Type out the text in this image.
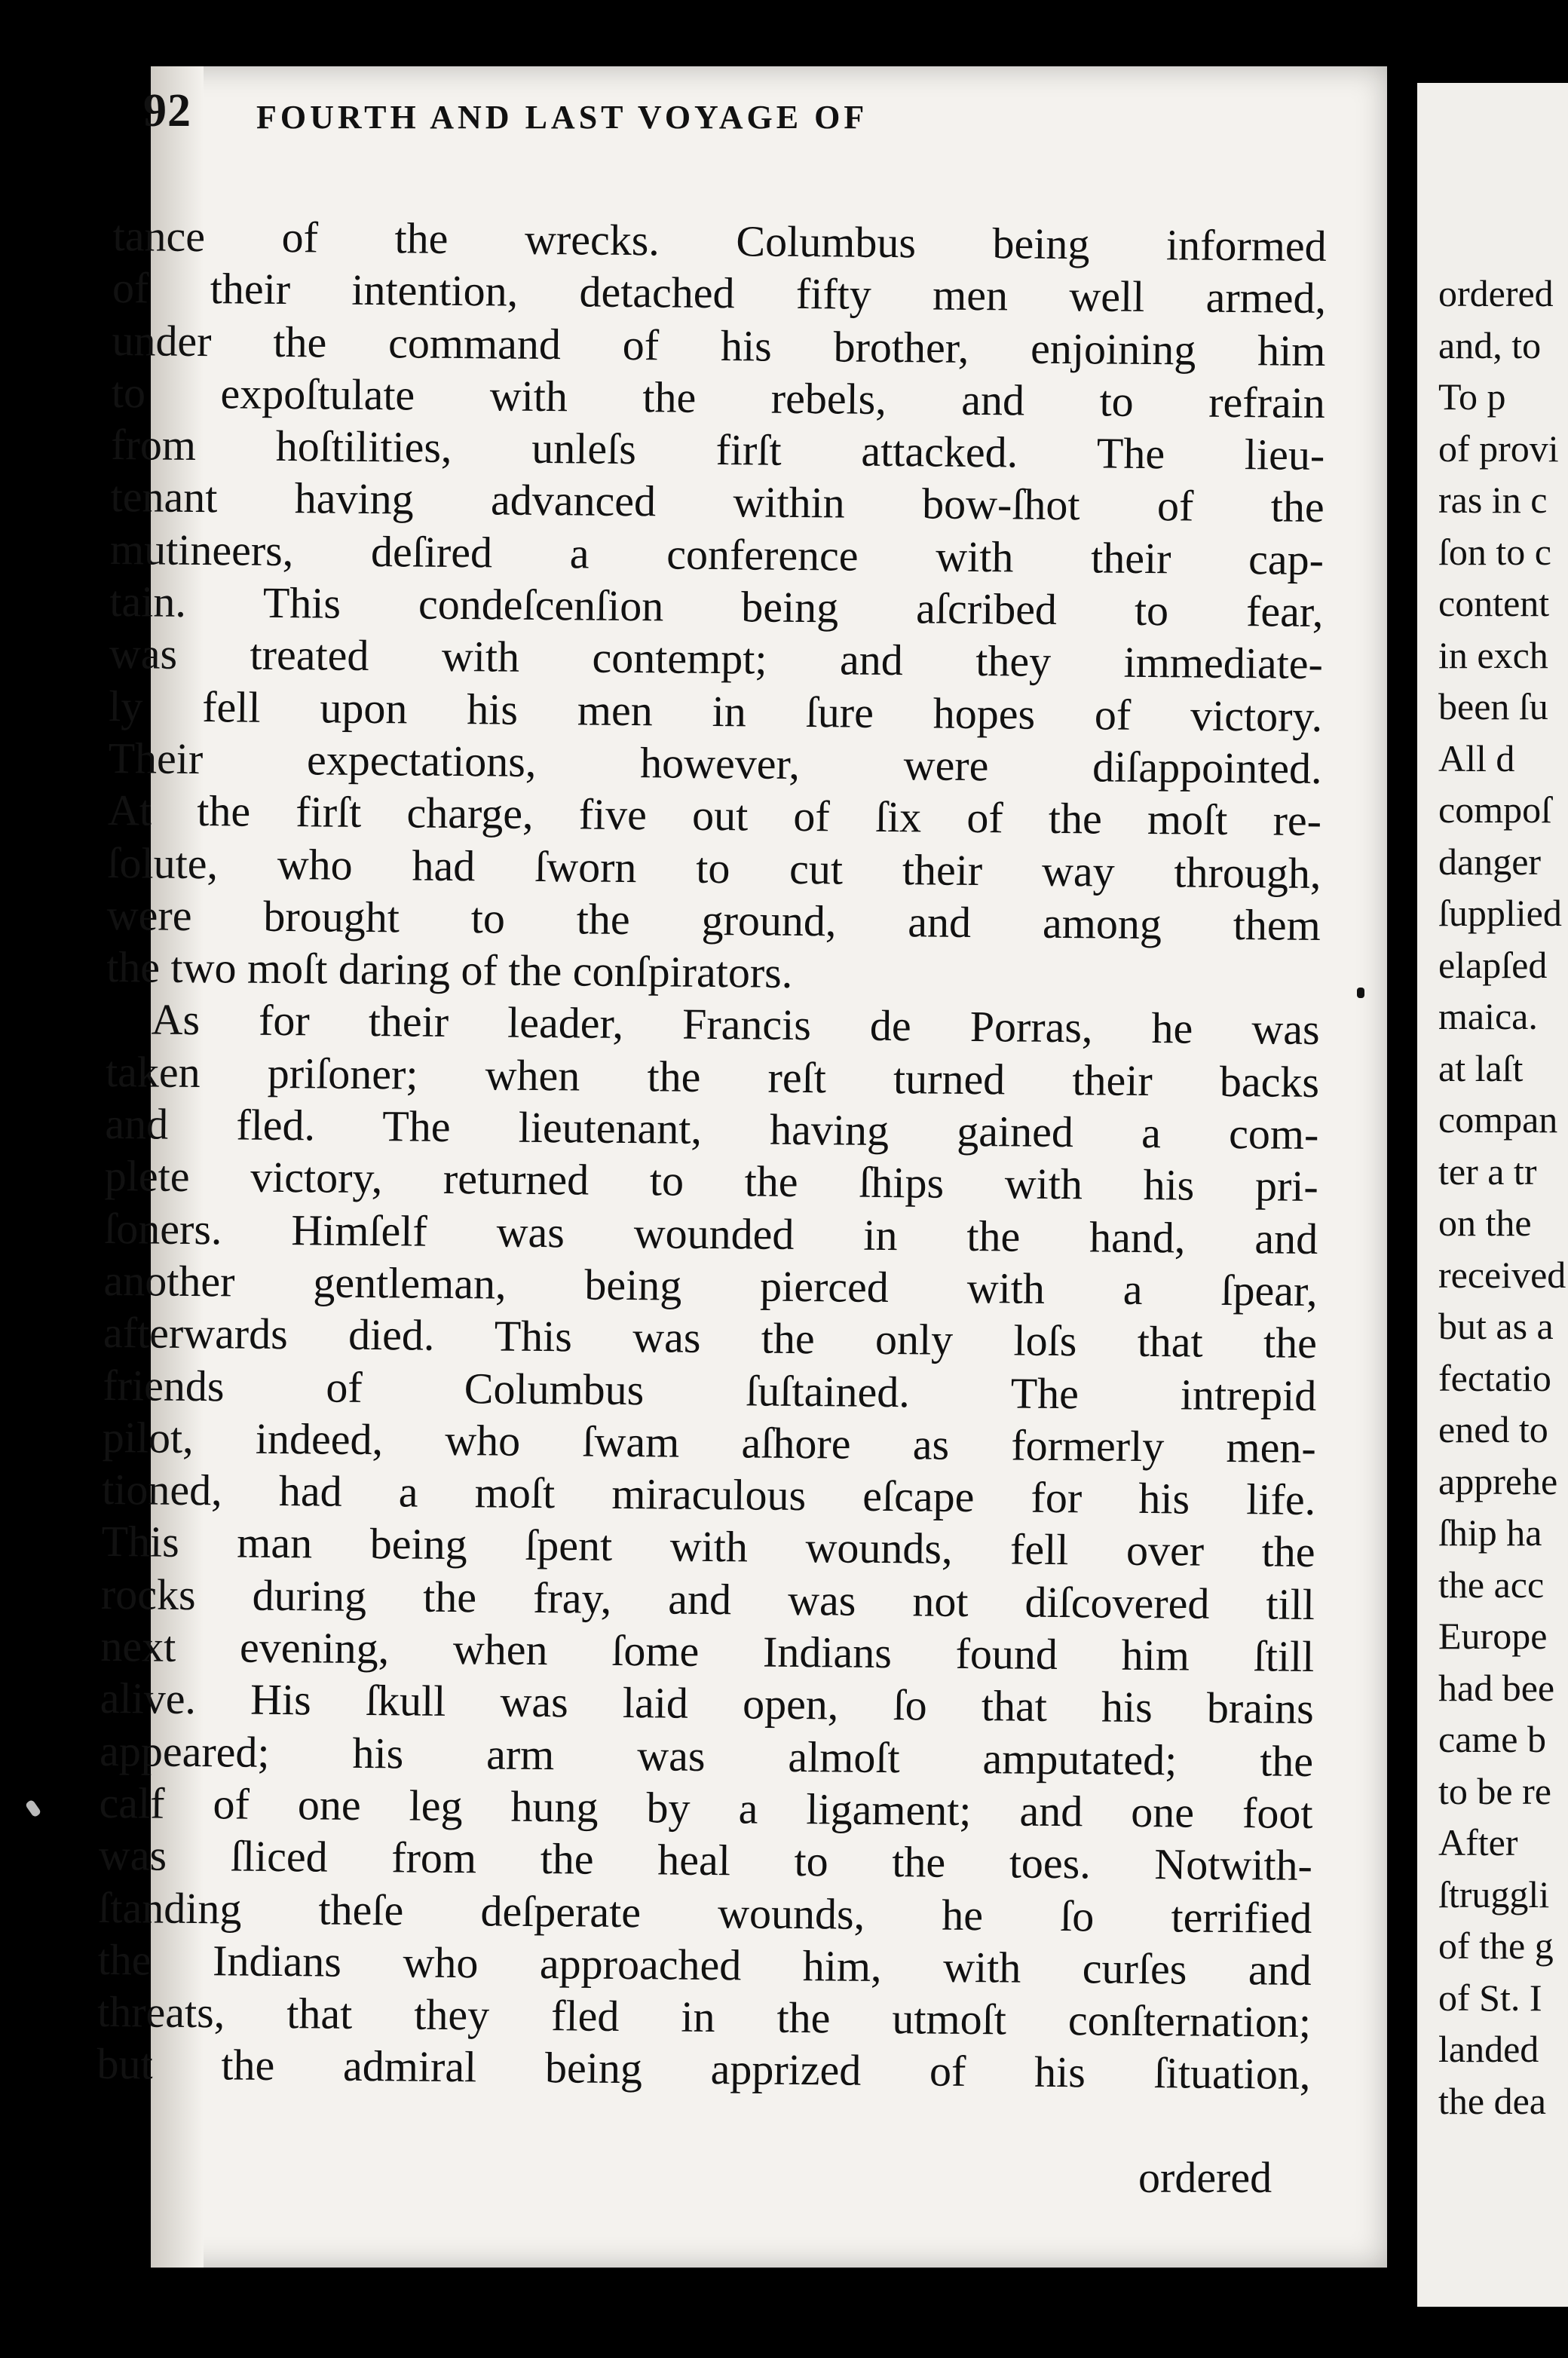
92 FOURTH AND LAST VOYAGE OF
tance of the wrecks. Columbus being informed
of their intention, detached fifty men well armed,
under the command of his brother, enjoining him
to expoſtulate with the rebels, and to refrain
from hoſtilities, unleſs firſt attacked. The lieu-
tenant having advanced within bow-ſhot of the
mutineers, deſired a conference with their cap-
tain. This condeſcenſion being aſcribed to fear,
was treated with contempt; and they immediate-
ly fell upon his men in ſure hopes of victory.
Their expectations, however, were diſappointed.
At the firſt charge, five out of ſix of the moſt re-
ſolute, who had ſworn to cut their way through,
were brought to the ground, and among them
the two moſt daring of the conſpirators.
As for their leader, Francis de Porras, he was
taken priſoner; when the reſt turned their backs
and fled. The lieutenant, having gained a com-
plete victory, returned to the ſhips with his pri-
ſoners. Himſelf was wounded in the hand, and
another gentleman, being pierced with a ſpear,
afterwards died. This was the only loſs that the
friends of Columbus ſuſtained. The intrepid
pilot, indeed, who ſwam aſhore as formerly men-
tioned, had a moſt miraculous eſcape for his life.
This man being ſpent with wounds, fell over the
rocks during the fray, and was not diſcovered till
next evening, when ſome Indians found him ſtill
alive. His ſkull was laid open, ſo that his brains
appeared; his arm was almoſt amputated; the
calf of one leg hung by a ligament; and one foot
was ſliced from the heal to the toes. Notwith-
ſtanding theſe deſperate wounds, he ſo terrified
the Indians who approached him, with curſes and
threats, that they fled in the utmoſt conſternation;
but the admiral being apprized of his ſituation,
ordered
ordered
and, to
To p
of provi
ras in c
ſon to c
content
in exch
been ſu
All d
compoſ
danger
ſupplied
elapſed
maica.
at laſt
compan
ter a tr
on the
received
but as a
fectatio
ened to
apprehe
ſhip ha
the acc
Europe
had bee
came b
to be re
After
ſtruggli
of the g
of St. I
landed
the dea
